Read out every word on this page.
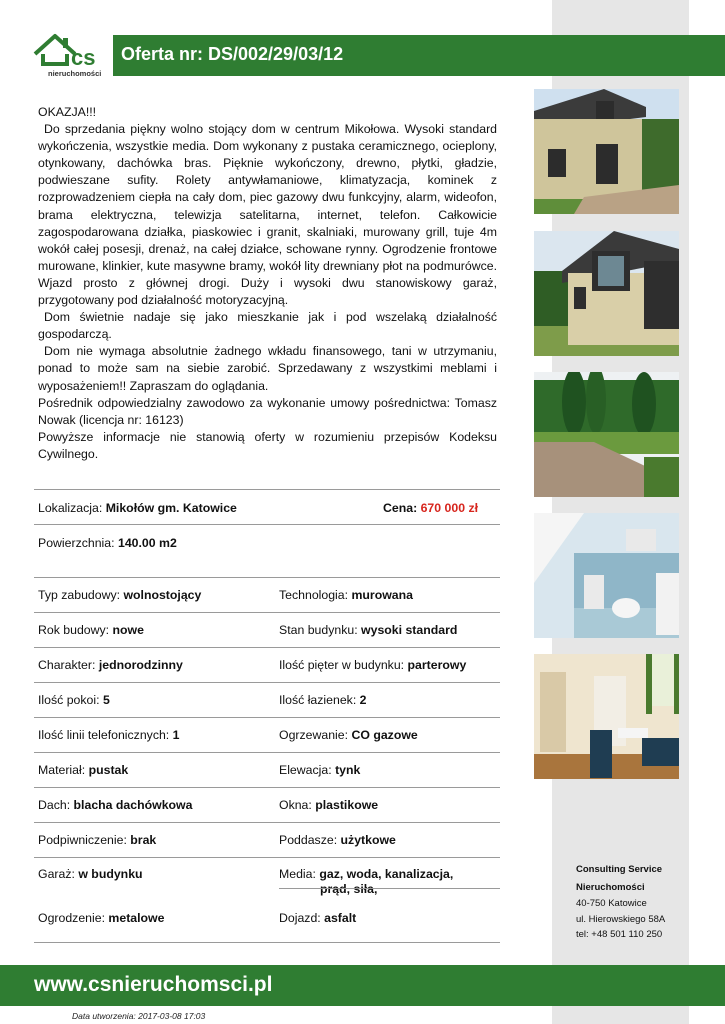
cs
nieruchomości
Oferta nr: DS/002/29/03/12

OKAZJA!!!

Do sprzedania piękny wolno stojący dom w centrum Mikołowa. Wysoki standard wykończenia, wszystkie media. Dom wykonany z pustaka ceramicznego, ocieplony, otynkowany, dachówka bras. Pięknie wykończony, drewno, płytki, gładzie, podwieszane sufity. Rolety antywłamaniowe, klimatyzacja, kominek z rozprowadzeniem ciepła na cały dom, piec gazowy dwu funkcyjny, alarm, wideofon, brama elektryczna, telewizja satelitarna, internet, telefon. Całkowicie zagospodarowana działka, piaskowiec i granit, skalniaki, murowany grill, tuje 4m wokół całej posesji, drenaż, na całej działce, schowane rynny. Ogrodzenie frontowe murowane, klinkier, kute masywne bramy, wokół lity drewniany płot na podmurówce. Wjazd prosto z głównej drogi. Duży i wysoki dwu stanowiskowy garaż, przygotowany pod działalność motoryzacyjną.

Dom świetnie nadaje się jako mieszkanie jak i pod wszelaką działalność gospodarczą.

Dom nie wymaga absolutnie żadnego wkładu finansowego, tani w utrzymaniu, ponad to może sam na siebie zarobić. Sprzedawany z wszystkimi meblami i wyposażeniem!! Zapraszam do oglądania.

Pośrednik odpowiedzialny zawodowo za wykonanie umowy pośrednictwa: Tomasz Nowak (licencja nr: 16123)

Powyższe informacje nie stanowią oferty w rozumieniu przepisów Kodeksu Cywilnego.

Lokalizacja: Mikołów gm. Katowice	Cena: 670 000 zł
Powierzchnia: 140.00 m2
Typ zabudowy: wolnostojący	Technologia: murowana
Rok budowy: nowe	Stan budynku: wysoki standard
Charakter: jednorodzinny	Ilość pięter w budynku: parterowy
Ilość pokoi: 5	Ilość łazienek: 2
Ilość linii telefonicznych: 1	Ogrzewanie: CO gazowe
Materiał: pustak	Elewacja: tynk
Dach: blacha dachówkowa	Okna: plastikowe
Podpiwniczenie: brak	Poddasze: użytkowe
Garaż: w budynku	Media: gaz, woda, kanalizacja,
prąd, siła,
Ogrodzenie: metalowe	Dojazd: asfalt
Consulting Service
Nieruchomości
40-750 Katowice
ul. Hierowskiego 58A
tel: +48 501 110 250
www.csnieruchomsci.pl
Data utworzenia: 2017-03-08 17:03
